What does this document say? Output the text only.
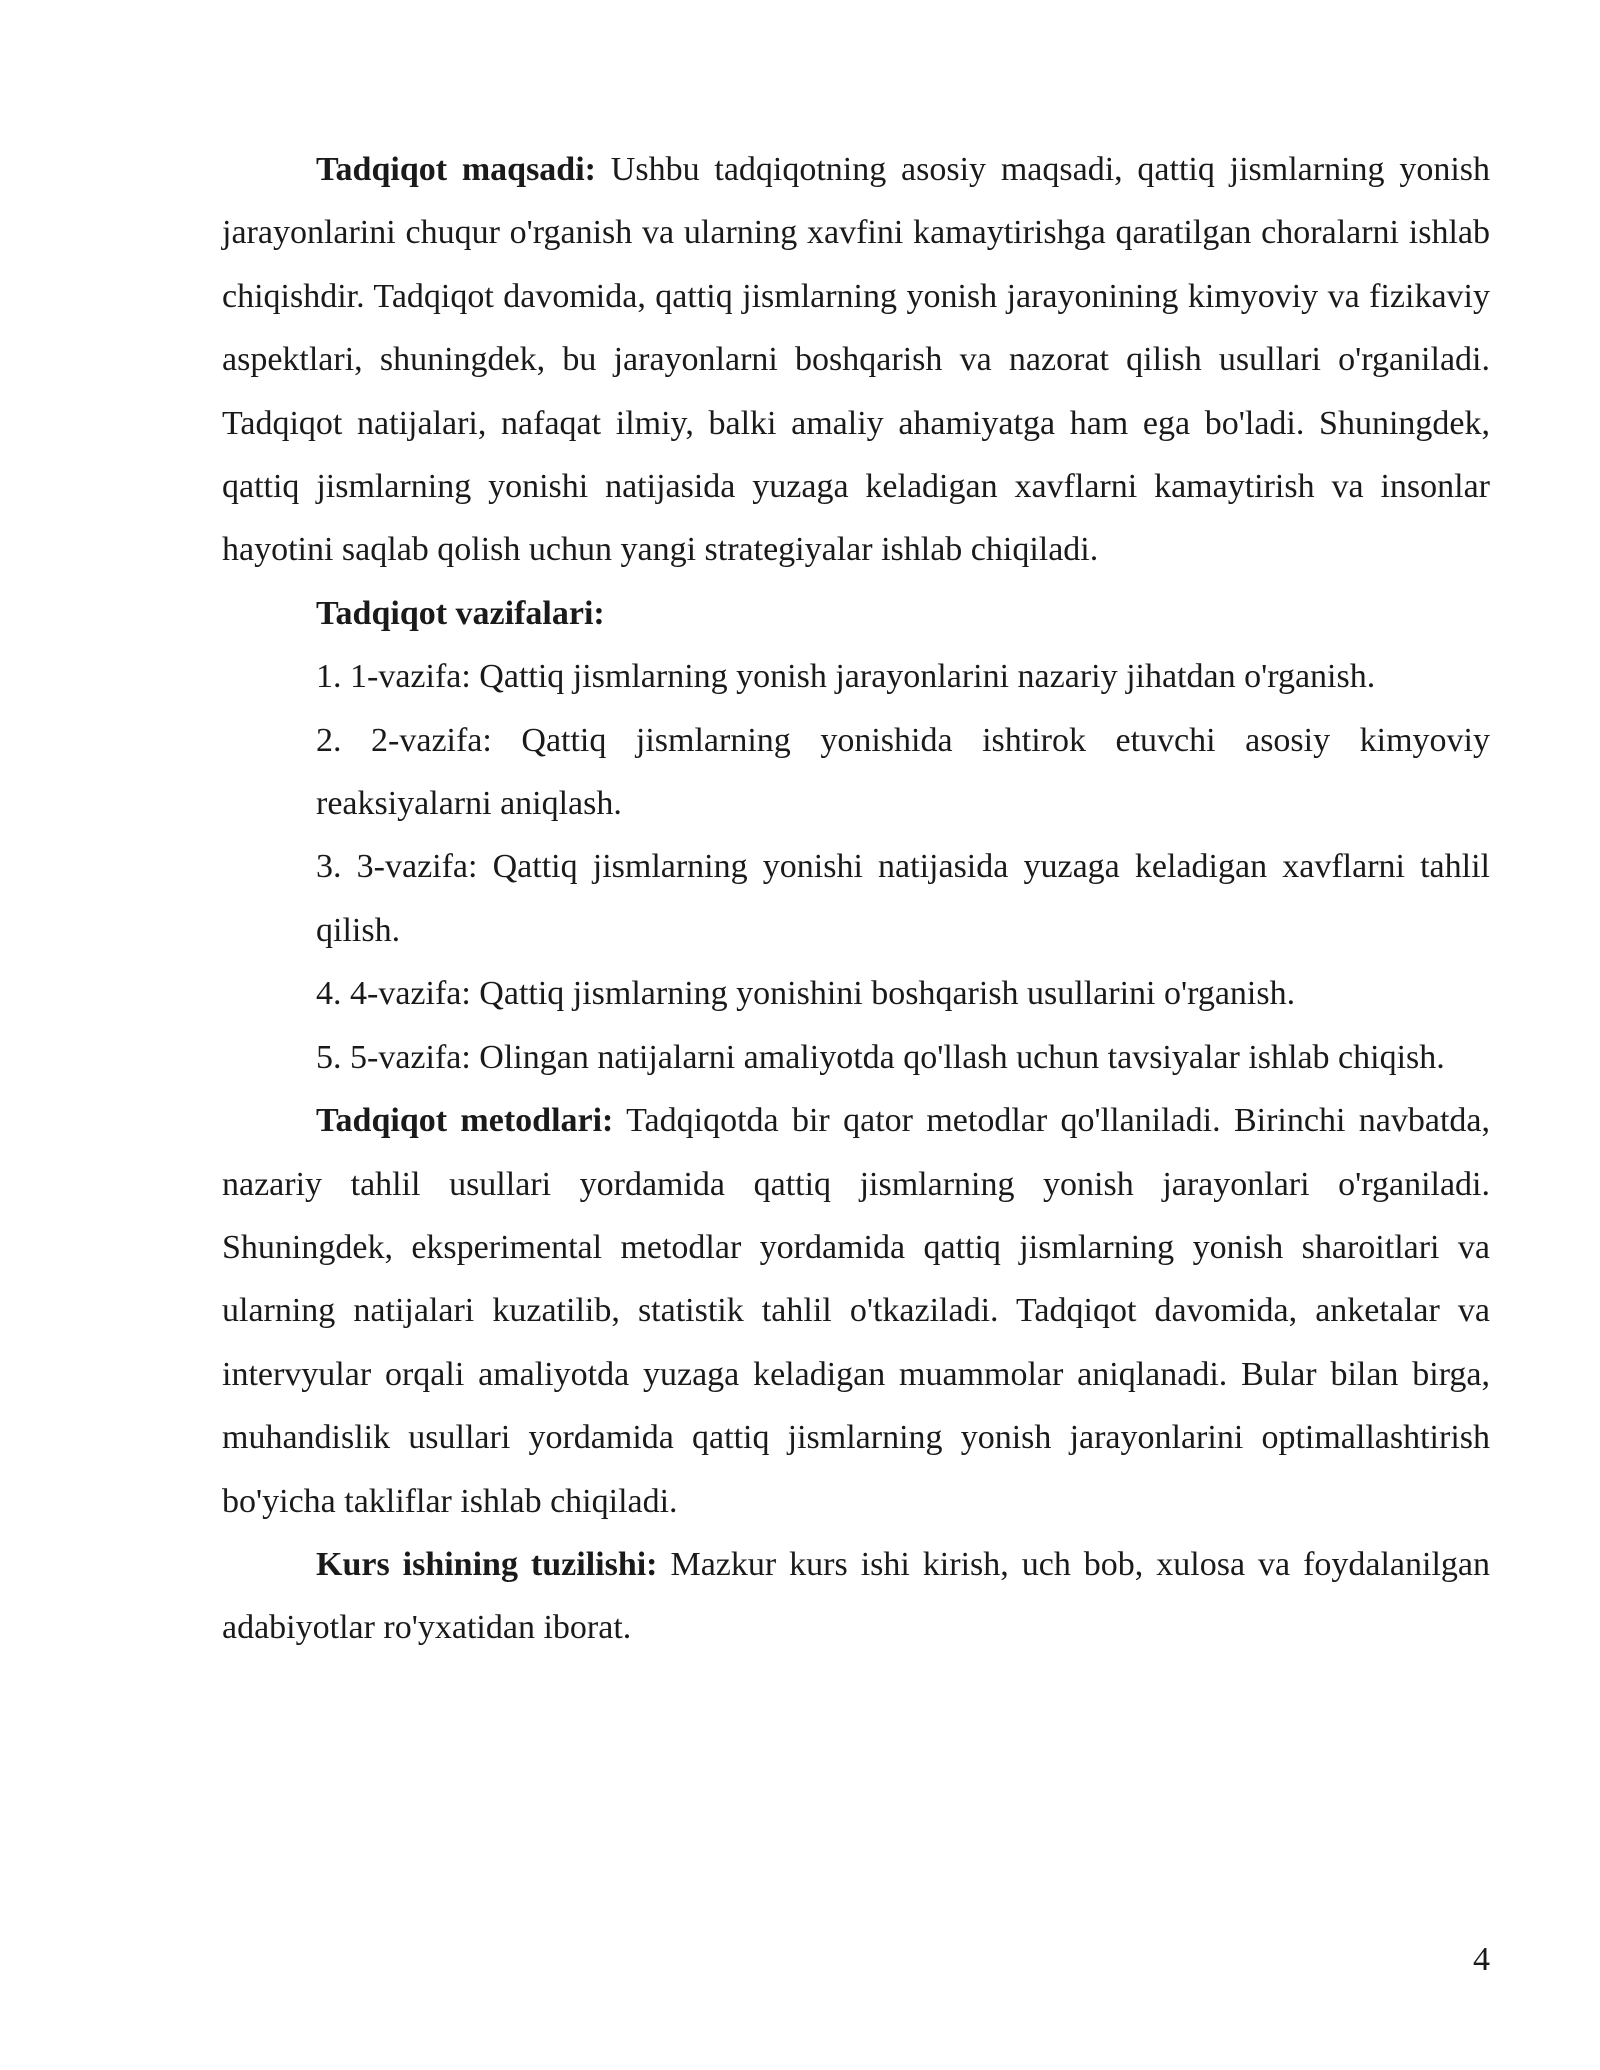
Tadqiqot maqsadi: Ushbu tadqiqotning asosiy maqsadi, qattiq jismlarning yonish jarayonlarini chuqur o'rganish va ularning xavfini kamaytirishga qaratilgan choralarni ishlab chiqishdir. Tadqiqot davomida, qattiq jismlarning yonish jarayonining kimyoviy va fizikaviy aspektlari, shuningdek, bu jarayonlarni boshqarish va nazorat qilish usullari o'rganiladi. Tadqiqot natijalari, nafaqat ilmiy, balki amaliy ahamiyatga ham ega bo'ladi. Shuningdek, qattiq jismlarning yonishi natijasida yuzaga keladigan xavflarni kamaytirish va insonlar hayotini saqlab qolish uchun yangi strategiyalar ishlab chiqiladi.

Tadqiqot vazifalari:

1. 1-vazifa: Qattiq jismlarning yonish jarayonlarini nazariy jihatdan o'rganish.
2. 2-vazifa: Qattiq jismlarning yonishida ishtirok etuvchi asosiy kimyoviy reaksiyalarni aniqlash.
3. 3-vazifa: Qattiq jismlarning yonishi natijasida yuzaga keladigan xavflarni tahlil qilish.
4. 4-vazifa: Qattiq jismlarning yonishini boshqarish usullarini o'rganish.
5. 5-vazifa: Olingan natijalarni amaliyotda qo'llash uchun tavsiyalar ishlab chiqish.

Tadqiqot metodlari: Tadqiqotda bir qator metodlar qo'llaniladi. Birinchi navbatda, nazariy tahlil usullari yordamida qattiq jismlarning yonish jarayonlari o'rganiladi. Shuningdek, eksperimental metodlar yordamida qattiq jismlarning yonish sharoitlari va ularning natijalari kuzatilib, statistik tahlil o'tkaziladi. Tadqiqot davomida, anketalar va intervyular orqali amaliyotda yuzaga keladigan muammolar aniqlanadi. Bular bilan birga, muhandislik usullari yordamida qattiq jismlarning yonish jarayonlarini optimallashtirish bo'yicha takliflar ishlab chiqiladi.

Kurs ishining tuzilishi: Mazkur kurs ishi kirish, uch bob, xulosa va foydalanilgan adabiyotlar ro'yxatidan iborat.

4
